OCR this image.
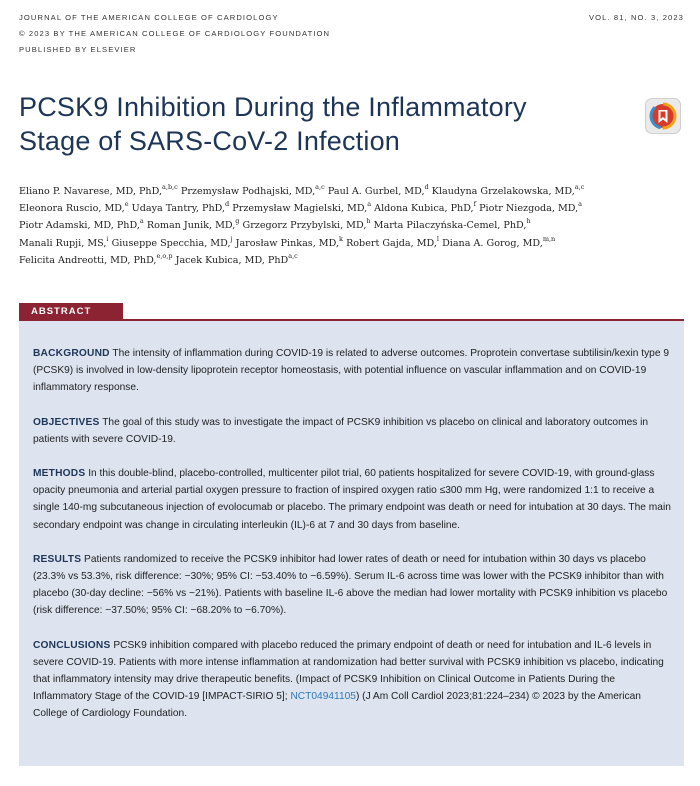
JOURNAL OF THE AMERICAN COLLEGE OF CARDIOLOGY
© 2023 BY THE AMERICAN COLLEGE OF CARDIOLOGY FOUNDATION
PUBLISHED BY ELSEVIER
VOL. 81, NO. 3, 2023
PCSK9 Inhibition During the Inflammatory
Stage of SARS-CoV-2 Infection
Eliano P. Navarese, MD, PhD,$^{a,b,c}$ Przemysław Podhajski, MD,$^{a,c}$ Paul A. Gurbel, MD,$^d$ Klaudyna Grzelakowska, MD,$^{a,c}$
Eleonora Ruscio, MD,$^e$ Udaya Tantry, PhD,$^d$ Przemysław Magielski, MD,$^a$ Aldona Kubica, PhD,$^f$ Piotr Niezgoda, MD,$^a$
Piotr Adamski, MD, PhD,$^a$ Roman Junik, MD,$^g$ Grzegorz Przybylski, MD,$^h$ Marta Pilaczyńska-Cemel, PhD,$^h$
Manali Rupji, MS,$^i$ Giuseppe Specchia, MD,$^j$ Jarosław Pinkas, MD,$^k$ Robert Gajda, MD,$^l$ Diana A. Gorog, MD,$^{m,n}$
Felicita Andreotti, MD, PhD,$^{e,o,p}$ Jacek Kubica, MD, PhD$^{a,c}$
ABSTRACT

BACKGROUND The intensity of inflammation during COVID-19 is related to adverse outcomes. Proprotein convertase subtilisin/kexin type 9 (PCSK9) is involved in low-density lipoprotein receptor homeostasis, with potential influence on vascular inflammation and on COVID-19 inflammatory response.

OBJECTIVES The goal of this study was to investigate the impact of PCSK9 inhibition vs placebo on clinical and laboratory outcomes in patients with severe COVID-19.

METHODS In this double-blind, placebo-controlled, multicenter pilot trial, 60 patients hospitalized for severe COVID-19, with ground-glass opacity pneumonia and arterial partial oxygen pressure to fraction of inspired oxygen ratio ≤300 mm Hg, were randomized 1:1 to receive a single 140-mg subcutaneous injection of evolocumab or placebo. The primary endpoint was death or need for intubation at 30 days. The main secondary endpoint was change in circulating interleukin (IL)-6 at 7 and 30 days from baseline.

RESULTS Patients randomized to receive the PCSK9 inhibitor had lower rates of death or need for intubation within 30 days vs placebo (23.3% vs 53.3%, risk difference: −30%; 95% CI: −53.40% to −6.59%). Serum IL-6 across time was lower with the PCSK9 inhibitor than with placebo (30-day decline: −56% vs −21%). Patients with baseline IL-6 above the median had lower mortality with PCSK9 inhibition vs placebo (risk difference: −37.50%; 95% CI: −68.20% to −6.70%).

CONCLUSIONS PCSK9 inhibition compared with placebo reduced the primary endpoint of death or need for intubation and IL-6 levels in severe COVID-19. Patients with more intense inflammation at randomization had better survival with PCSK9 inhibition vs placebo, indicating that inflammatory intensity may drive therapeutic benefits. (Impact of PCSK9 Inhibition on Clinical Outcome in Patients During the Inflammatory Stage of the COVID-19 [IMPACT-SIRIO 5]; NCT04941105) (J Am Coll Cardiol 2023;81:224–234) © 2023 by the American College of Cardiology Foundation.
